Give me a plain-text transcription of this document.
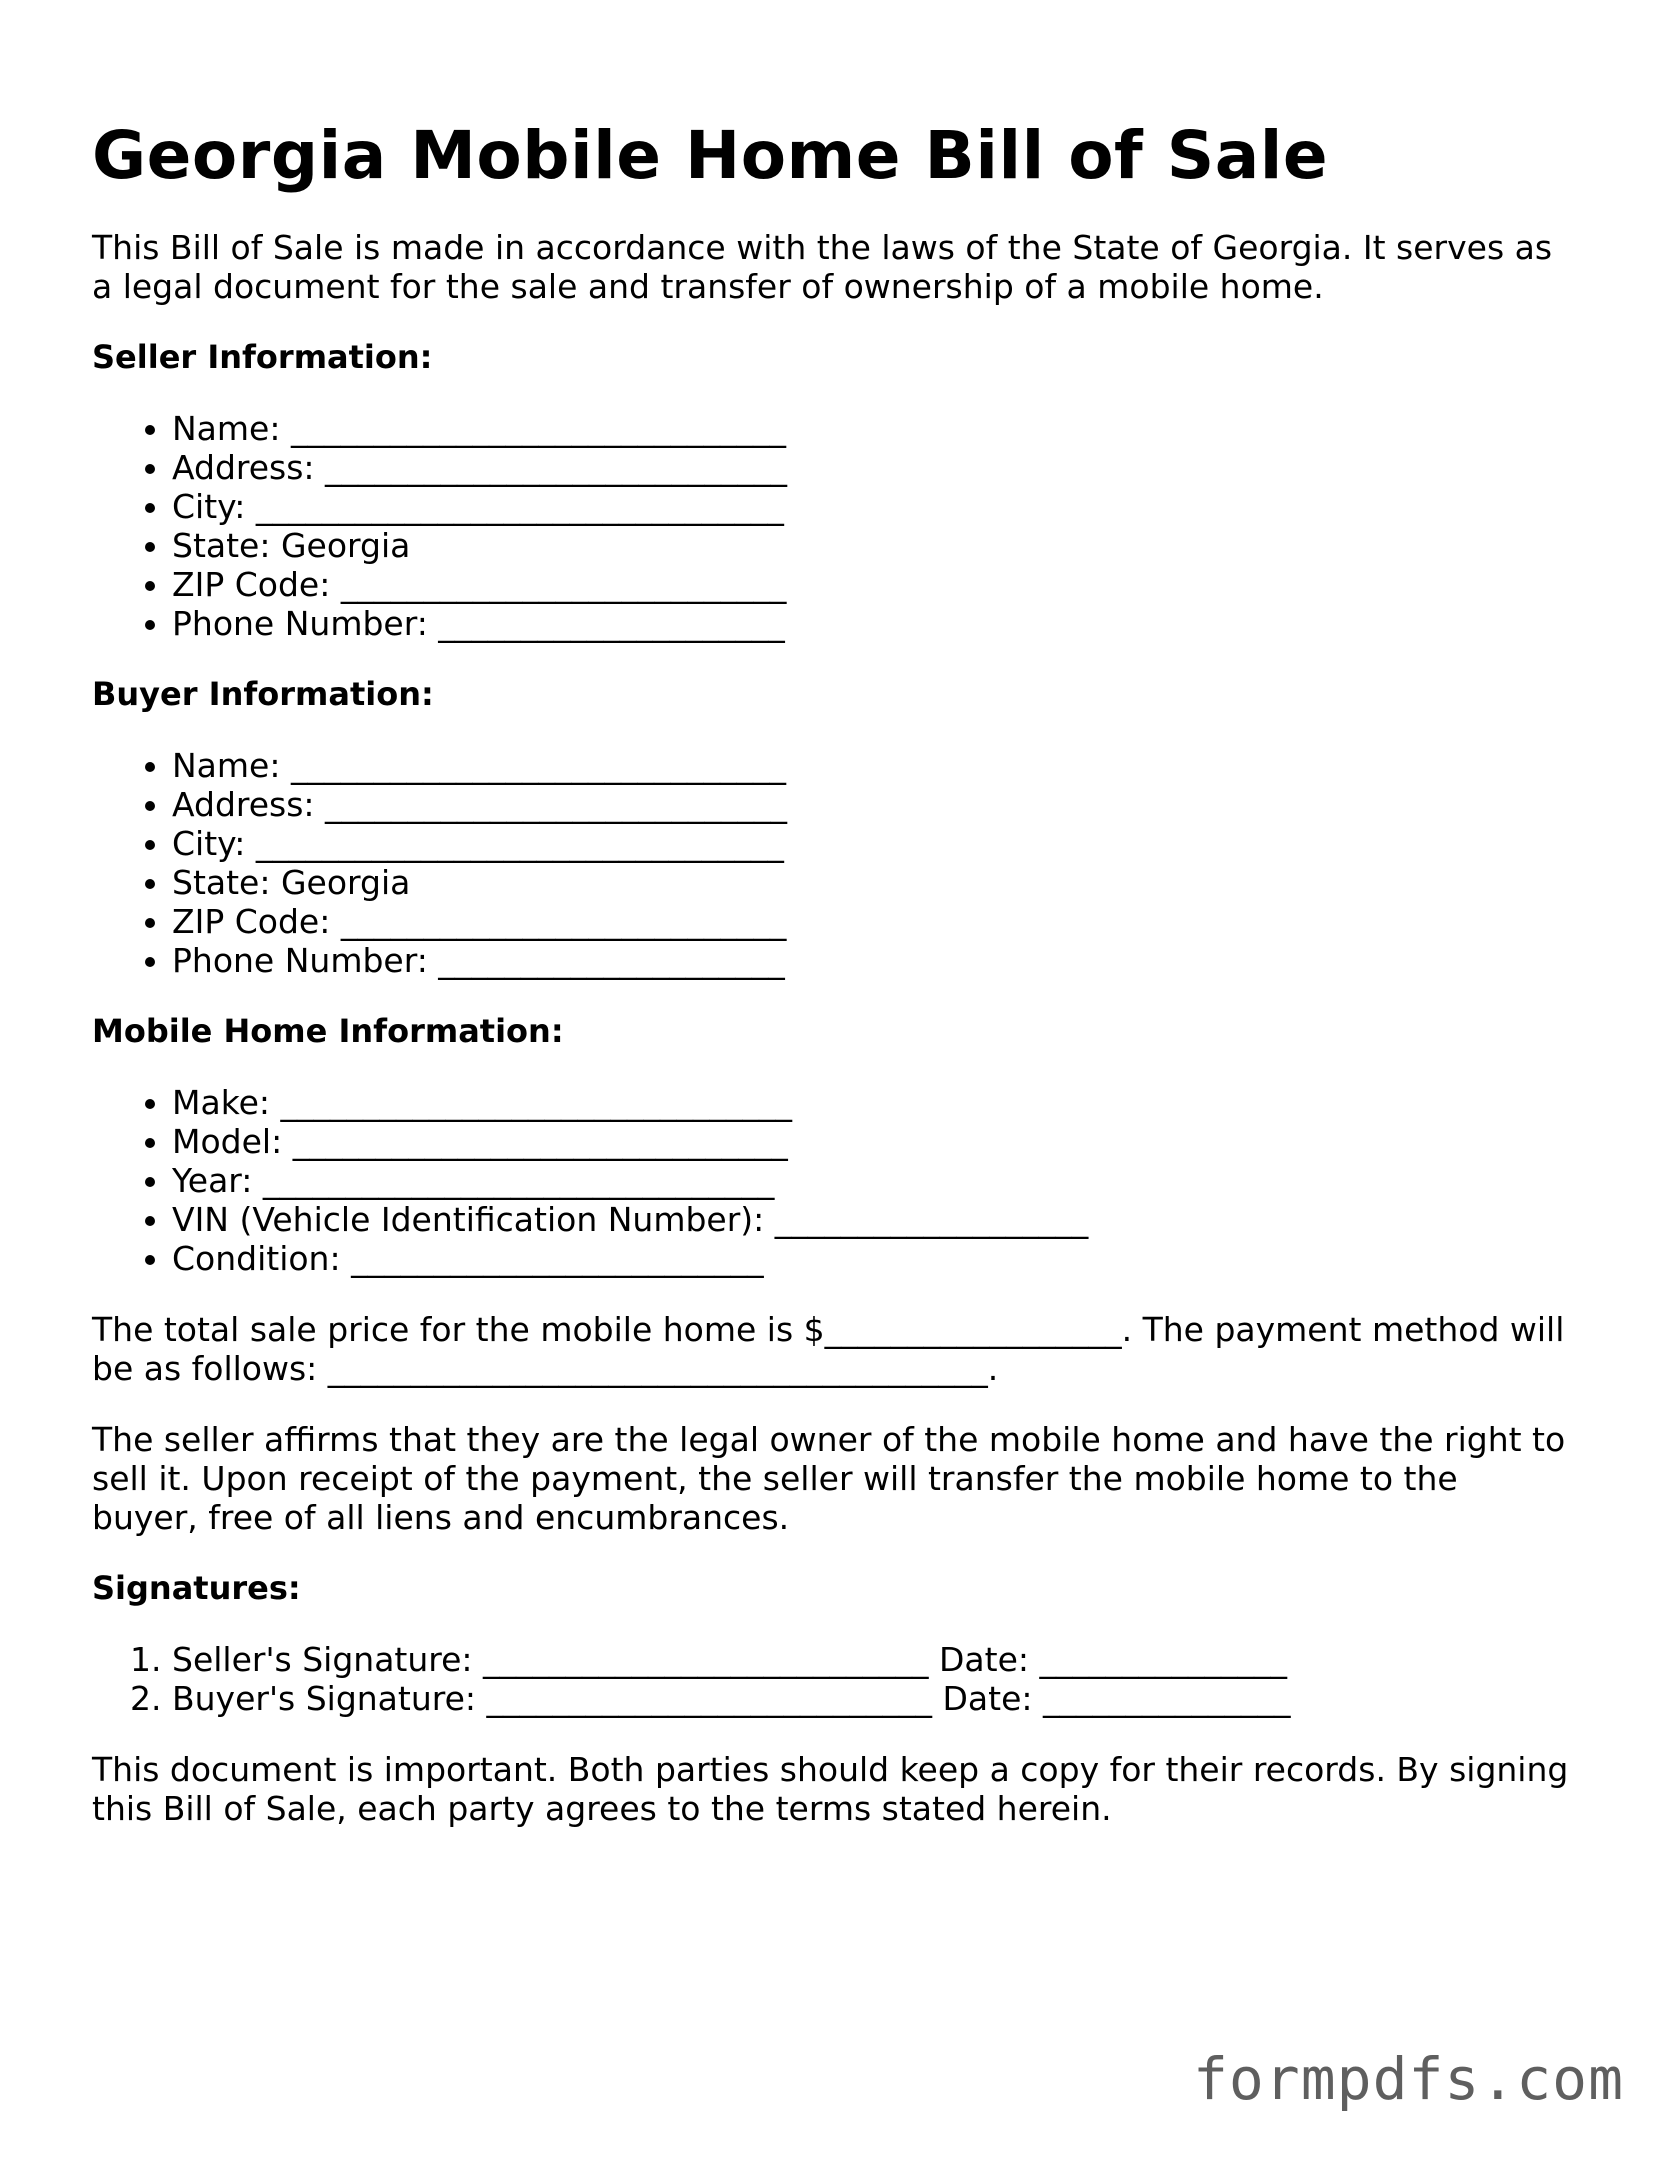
Georgia Mobile Home Bill of Sale

This Bill of Sale is made in accordance with the laws of the State of Georgia. It serves as a legal document for the sale and transfer of ownership of a mobile home.

Seller Information:
• Name: ______________________________
• Address: ____________________________
• City: ________________________________
• State: Georgia
• ZIP Code: ___________________________
• Phone Number: _____________________
Buyer Information:
• Name: ______________________________
• Address: ____________________________
• City: ________________________________
• State: Georgia
• ZIP Code: ___________________________
• Phone Number: _____________________
Mobile Home Information:
• Make: _______________________________
• Model: ______________________________
• Year: _______________________________
• VIN (Vehicle Identification Number): ___________________
• Condition: _________________________

The total sale price for the mobile home is $__________________. The payment method will be as follows: ________________________________________.

The seller affirms that they are the legal owner of the mobile home and have the right to sell it. Upon receipt of the payment, the seller will transfer the mobile home to the buyer, free of all liens and encumbrances.

Signatures:
1. Seller's Signature: ___________________________ Date: _______________
2. Buyer's Signature: ___________________________ Date: _______________

This document is important. Both parties should keep a copy for their records. By signing this Bill of Sale, each party agrees to the terms stated herein.

formpdfs.com
